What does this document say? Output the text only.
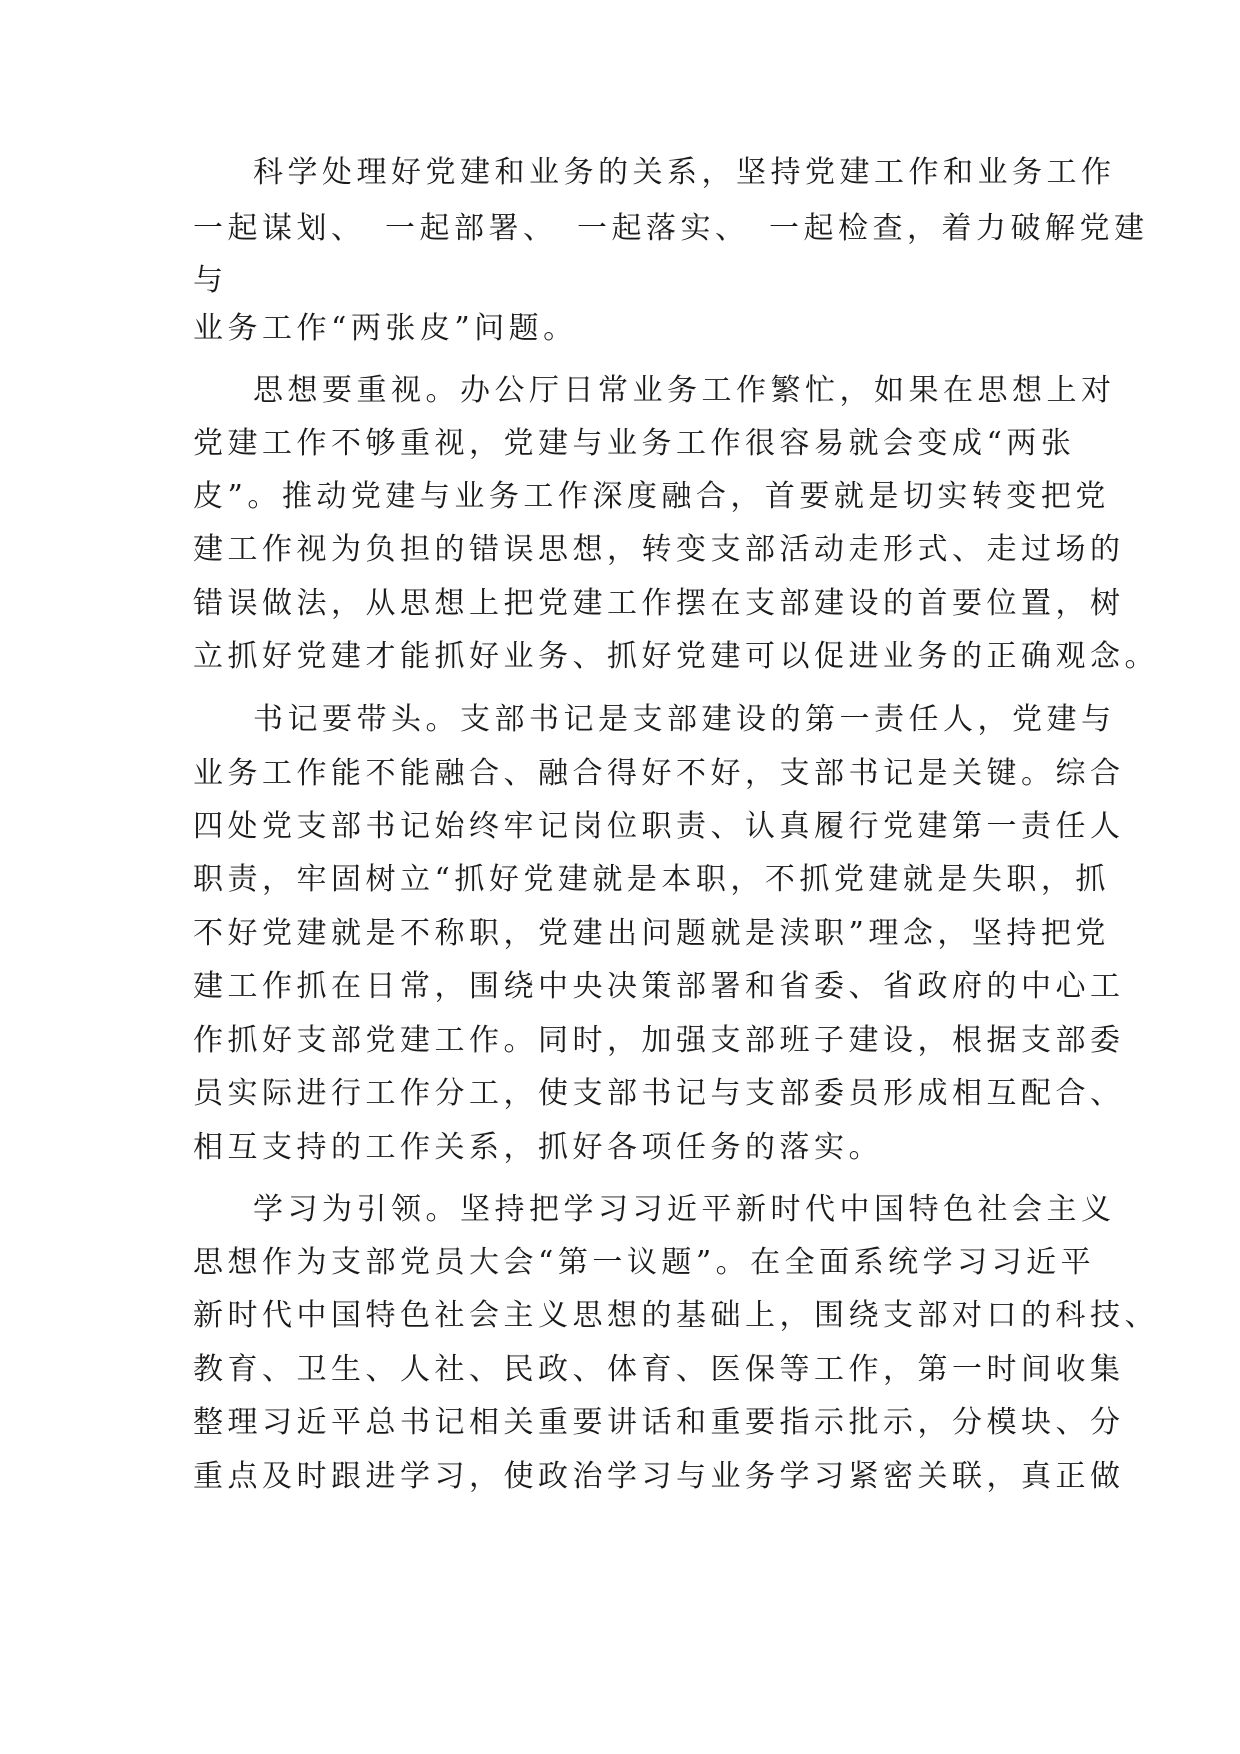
科学处理好党建和业务的关系，坚持党建工作和业务工作

一起谋划、　一起部署、　一起落实、　一起检查，着力破解党建

与

业务工作“两张皮”问题。

思想要重视。办公厅日常业务工作繁忙，如果在思想上对

党建工作不够重视，党建与业务工作很容易就会变成“两张

皮”。推动党建与业务工作深度融合，首要就是切实转变把党

建工作视为负担的错误思想，转变支部活动走形式、走过场的

错误做法，从思想上把党建工作摆在支部建设的首要位置，树

立抓好党建才能抓好业务、抓好党建可以促进业务的正确观念。

书记要带头。支部书记是支部建设的第一责任人，党建与

业务工作能不能融合、融合得好不好，支部书记是关键。综合

四处党支部书记始终牢记岗位职责、认真履行党建第一责任人

职责，牢固树立“抓好党建就是本职，不抓党建就是失职，抓

不好党建就是不称职，党建出问题就是渎职”理念，坚持把党

建工作抓在日常，围绕中央决策部署和省委、省政府的中心工

作抓好支部党建工作。同时，加强支部班子建设，根据支部委

员实际进行工作分工，使支部书记与支部委员形成相互配合、

相互支持的工作关系，抓好各项任务的落实。

学习为引领。坚持把学习习近平新时代中国特色社会主义

思想作为支部党员大会“第一议题”。在全面系统学习习近平

新时代中国特色社会主义思想的基础上，围绕支部对口的科技、

教育、卫生、人社、民政、体育、医保等工作，第一时间收集

整理习近平总书记相关重要讲话和重要指示批示，分模块、分

重点及时跟进学习，使政治学习与业务学习紧密关联，真正做
